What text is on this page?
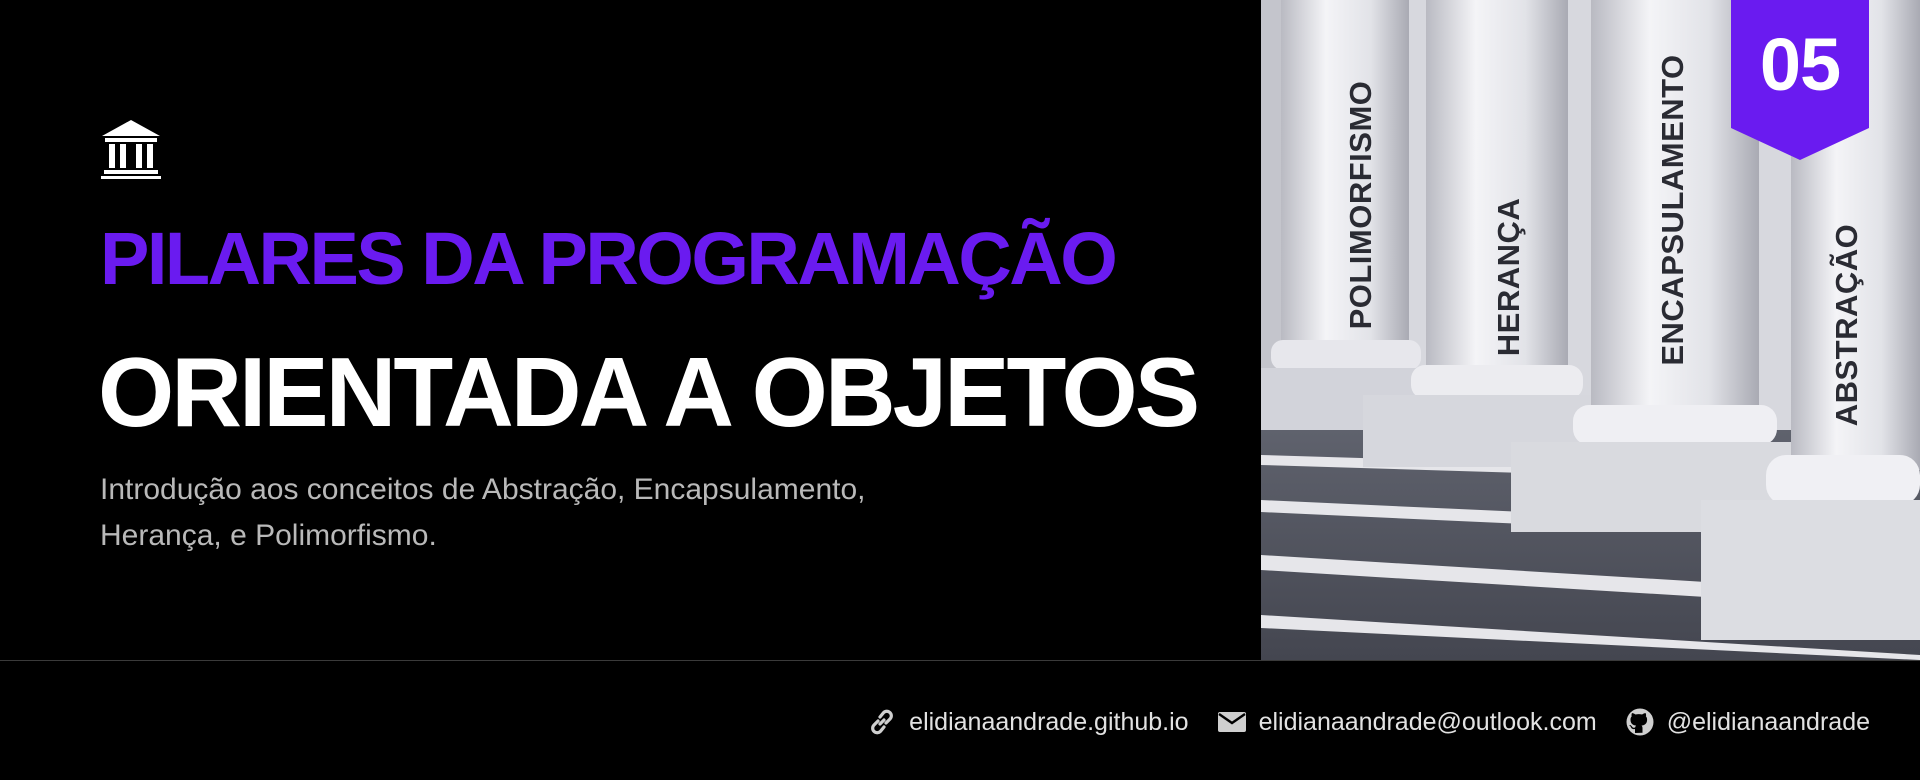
PILARES DA PROGRAMAÇÃO
ORIENTADA A OBJETOS
Introdução aos conceitos de Abstração, Encapsulamento, Herança, e Polimorfismo.
POLIMORFISMO	HERANÇA	ENCAPSULAMENTO	ABSTRAÇÃO
05
elidianaandrade.github.io	elidianaandrade@outlook.com	@elidianaandrade
